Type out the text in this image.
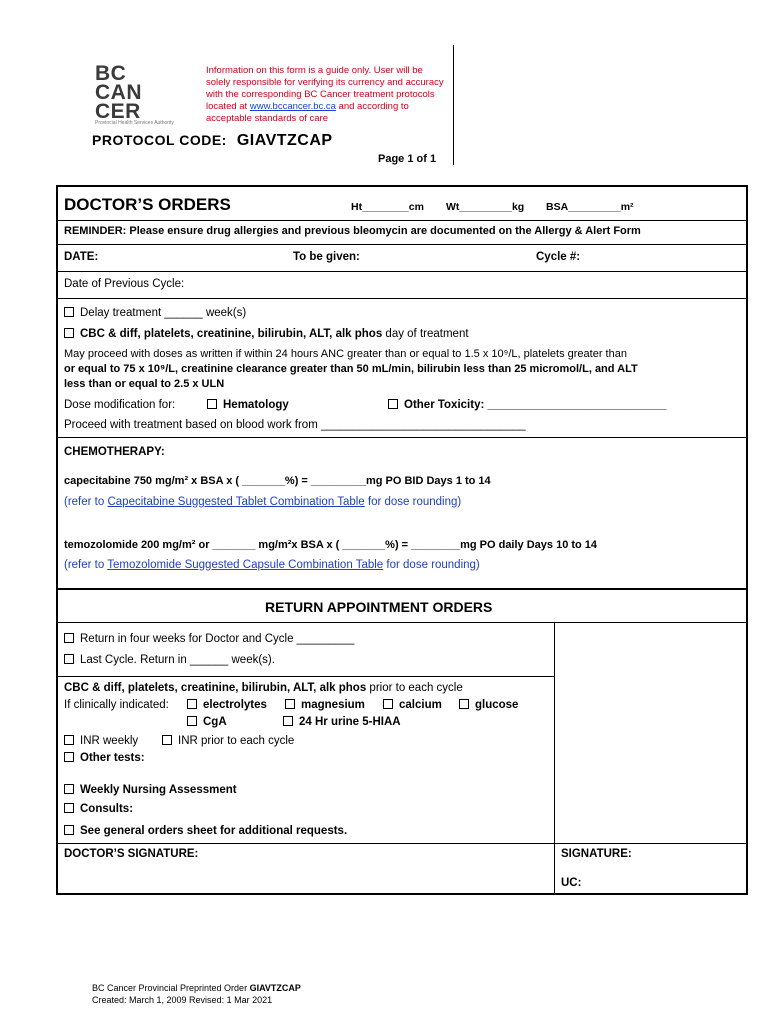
BC
CAN
CER
Provincial Health Services Authority
Information on this form is a guide only. User will be solely responsible for verifying its currency and accuracy with the corresponding BC Cancer treatment protocols located at www.bccancer.bc.ca and according to acceptable standards of care
PROTOCOL CODE: GIAVTZCAP
Page 1 of 1
DOCTOR’S ORDERS	Ht________cm Wt_________kg BSA_________m²
REMINDER: Please ensure drug allergies and previous bleomycin are documented on the Allergy & Alert Form
DATE:	To be given:	Cycle #:
Date of Previous Cycle:
Delay treatment ______ week(s)
CBC & diff, platelets, creatinine, bilirubin, ALT, alk phos day of treatment
May proceed with doses as written if within 24 hours ANC greater than or equal to 1.5 x 10⁹/L, platelets greater than
or equal to 75 x 10⁹/L, creatinine clearance greater than 50 mL/min, bilirubin less than 25 micromol/L, and ALT
less than or equal to 2.5 x ULN
Dose modification for:	Hematology	Other Toxicity: ____________________________
Proceed with treatment based on blood work from ________________________________
CHEMOTHERAPY:
capecitabine 750 mg/m² x BSA x ( _______%) = _________mg PO BID Days 1 to 14
(refer to Capecitabine Suggested Tablet Combination Table for dose rounding)
temozolomide 200 mg/m² or _______ mg/m²x BSA x ( _______%) = ________mg PO daily Days 10 to 14
(refer to Temozolomide Suggested Capsule Combination Table for dose rounding)
RETURN APPOINTMENT ORDERS
Return in four weeks for Doctor and Cycle _________
Last Cycle. Return in ______ week(s).
CBC & diff, platelets, creatinine, bilirubin, ALT, alk phos prior to each cycle
If clinically indicated:	electrolytes	magnesium	calcium	glucose
CgA	24 Hr urine 5-HIAA
INR weekly	INR prior to each cycle
Other tests:
Weekly Nursing Assessment
Consults:
See general orders sheet for additional requests.
DOCTOR’S SIGNATURE:	SIGNATURE:
UC:
BC Cancer Provincial Preprinted Order GIAVTZCAP
Created: March 1, 2009 Revised: 1 Mar 2021
